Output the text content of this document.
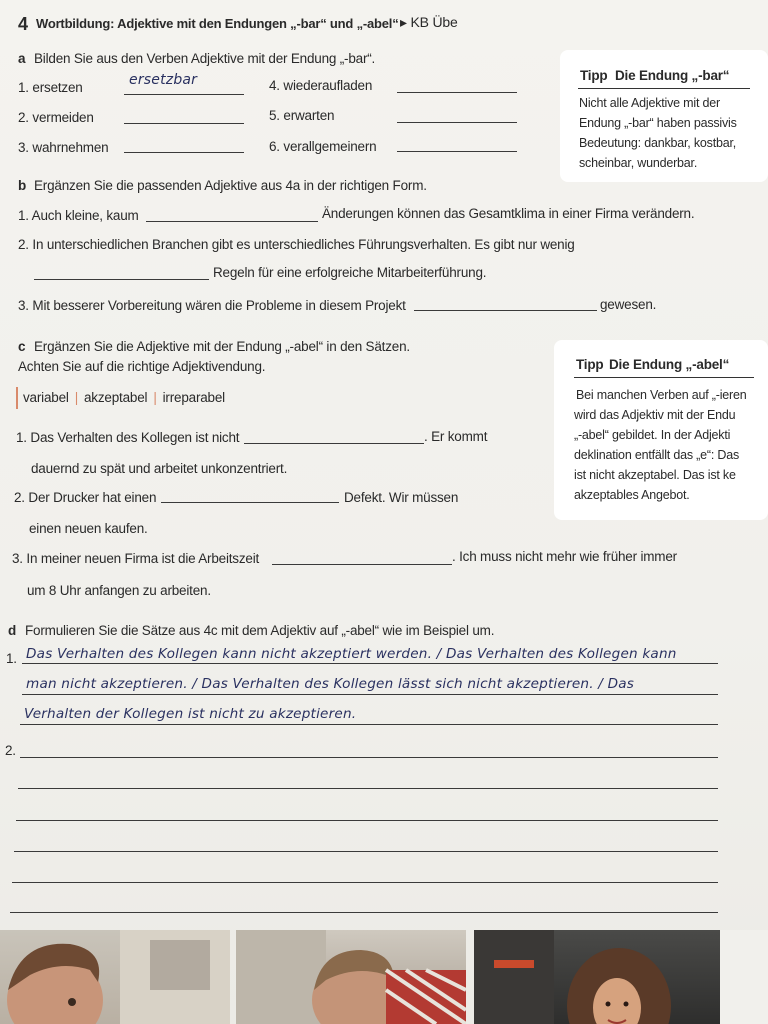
4 Wortbildung: Adjektive mit den Endungen „-bar“ und „-abel“ ▸ KB Übe
a Bilden Sie aus den Verben Adjektive mit der Endung „-bar“.
1. ersetzen	ersetzbar
2. vermeiden
3. wahrnehmen
4. wiederaufladen
5. erwarten
6. verallgemeinern
Tipp Die Endung „-bar“
Nicht alle Adjektive mit der
Endung „-bar“ haben passivis
Bedeutung: dankbar, kostbar,
scheinbar, wunderbar.
b Ergänzen Sie die passenden Adjektive aus 4a in der richtigen Form.
1. Auch kleine, kaum	Änderungen können das Gesamtklima in einer Firma verändern.
2. In unterschiedlichen Branchen gibt es unterschiedliches Führungsverhalten. Es gibt nur wenig
Regeln für eine erfolgreiche Mitarbeiterführung.
3. Mit besserer Vorbereitung wären die Probleme in diesem Projekt	gewesen.
c Ergänzen Sie die Adjektive mit der Endung „-abel“ in den Sätzen.
Achten Sie auf die richtige Adjektivendung.
variabel | akzeptabel | irreparabel
1. Das Verhalten des Kollegen ist nicht	. Er kommt
dauernd zu spät und arbeitet unkonzentriert.
2. Der Drucker hat einen	Defekt. Wir müssen
einen neuen kaufen.
3. In meiner neuen Firma ist die Arbeitszeit	. Ich muss nicht mehr wie früher immer
um 8 Uhr anfangen zu arbeiten.
Tipp Die Endung „-abel“
Bei manchen Verben auf „-ieren
wird das Adjektiv mit der Endu
„-abel“ gebildet. In der Adjekti
deklination entfällt das „e“: Das
ist nicht akzeptabel. Das ist ke
akzeptables Angebot.
d Formulieren Sie die Sätze aus 4c mit dem Adjektiv auf „-abel“ wie im Beispiel um.
1. Das Verhalten des Kollegen kann nicht akzeptiert werden. / Das Verhalten des Kollegen kann
man nicht akzeptieren. / Das Verhalten des Kollegen lässt sich nicht akzeptieren. / Das
Verhalten der Kollegen ist nicht zu akzeptieren.
2.
